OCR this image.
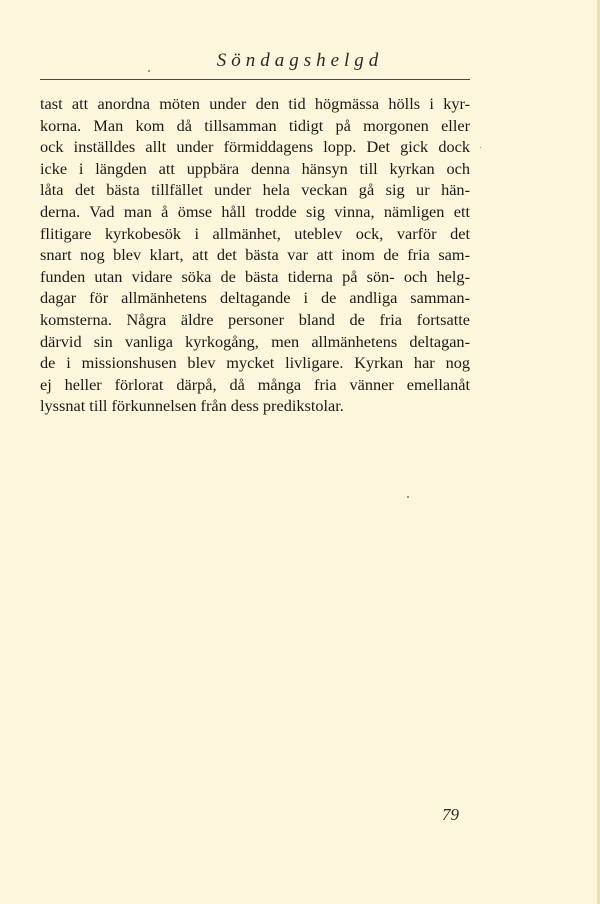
Söndagshelgd

tast att anordna möten under den tid högmässa hölls i kyr-
korna. Man kom då tillsamman tidigt på morgonen eller
ock inställdes allt under förmiddagens lopp. Det gick dock
icke i längden att uppbära denna hänsyn till kyrkan och
låta det bästa tillfället under hela veckan gå sig ur hän-
derna. Vad man å ömse håll trodde sig vinna, nämligen ett
flitigare kyrkobesök i allmänhet, uteblev ock, varför det
snart nog blev klart, att det bästa var att inom de fria sam-
funden utan vidare söka de bästa tiderna på sön- och helg-
dagar för allmänhetens deltagande i de andliga samman-
komsterna. Några äldre personer bland de fria fortsatte
därvid sin vanliga kyrkogång, men allmänhetens deltagan-
de i missionshusen blev mycket livligare. Kyrkan har nog
ej heller förlorat därpå, då många fria vänner emellanåt
lyssnat till förkunnelsen från dess predikstolar.

79
